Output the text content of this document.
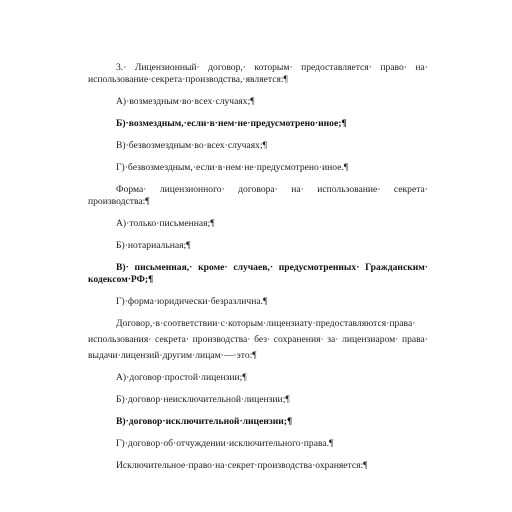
3.· Лицензионный· договор,· которым· предоставляется· право· на·
использование·секрета·производства,·является:¶
А)·возмездным·во·всех·случаях;¶
Б)·возмездным,·если·в·нем·не·предусмотрено·иное;¶
В)·безвозмездным·во·всех·случаях;¶
Г)·безвозмездным,·если·в·нем·не·предусмотрено·иное.¶
Форма· лицензионного· договора· на· использование· секрета·
производства:¶
А)·только·письменная;¶
Б)·нотариальная;¶
В)· письменная,· кроме· случаев,· предусмотренных· Гражданским·
кодексом·РФ;¶
Г)·форма·юридически·безразлична.¶
Договор,·в·соответствии·с·которым·лицензиату·предоставляются·права·
использования· секрета· производства· без· сохранения· за· лицензиаром· права·
выдачи·лицензий·другим·лицам·—·это:¶
А)·договор·простой·лицензии;¶
Б)·договор·неисключительной·лицензии;¶
В)·договор·исключительной·лицензии;¶
Г)·договор·об·отчуждении·исключительного·права.¶
Исключительное·право·на·секрет·производства·охраняется:¶
